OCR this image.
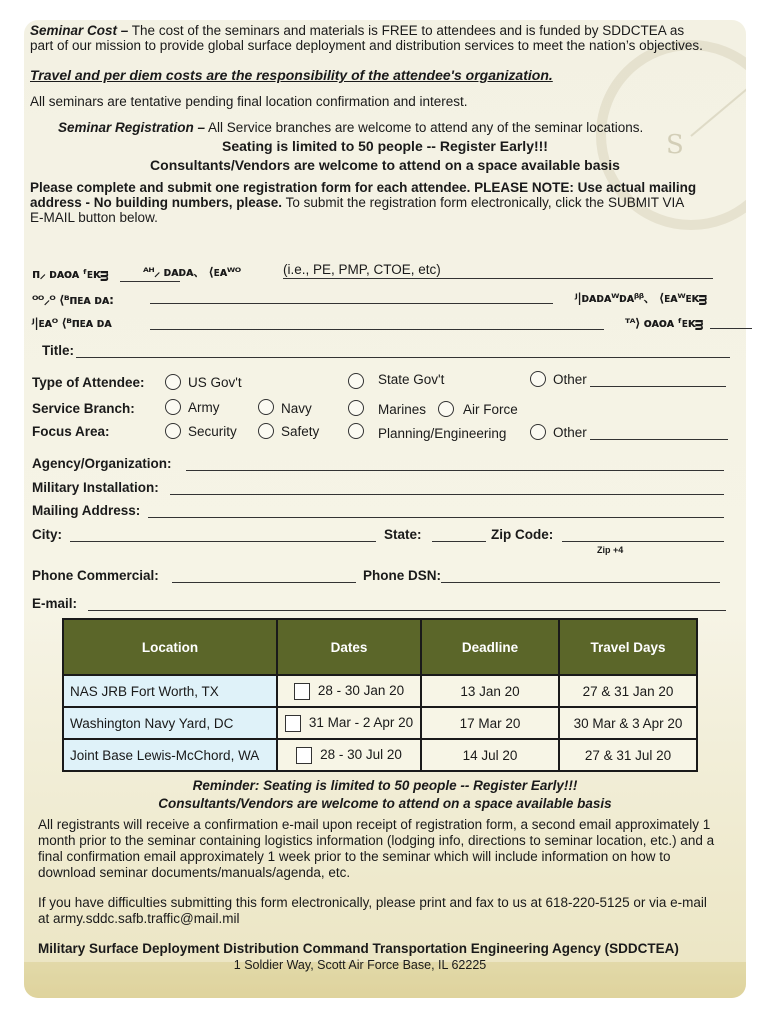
S
Seminar Cost – The cost of the seminars and materials is FREE to attendees and is funded by SDDCTEA as
part of our mission to provide global surface deployment and distribution services to meet the nation’s objectives.
Travel and per diem costs are the responsibility of the attendee's organization.
All seminars are tentative pending final location confirmation and interest.
Seminar Registration – All Service branches are welcome to attend any of the seminar locations.
Seating is limited to 50 people -- Register Early!!!
Consultants/Vendors are welcome to attend on a space available basis
Please complete and submit one registration form for each attendee. PLEASE NOTE: Use actual mailing
address - No building numbers, please. To submit the registration form electronically, click the SUBMIT VIA
E-MAIL button below.
ᴨ⸝ ᴅᴀᴏᴀ ᶠᴇᴋᴟ	ᴬᴴ⸝ ᴅᴀᴅᴀ、 ⟨ᴇᴀᵂᴼ	(i.e., PE, PMP, CTOE, etc)
ᴼᴼ⸝ᴼ ⟨ᴮᴨᴇᴀ ᴅᴀ:	ᴶ|ᴅᴀᴅᴀᵂᴅᴀᵝᵝ、 ⟨ᴇᴀᵂᴇᴋᴟ
ᴶ|ᴇᴀᴼ ⟨ᴮᴨᴇᴀ ᴅᴀ	ᵀᴬ⟩ ᴏᴀᴏᴀ ᶠᴇᴋᴟ
Title:
Type of Attendee:	US Gov't	State Gov't	Other
Service Branch:	Army	Navy	Marines	Air Force
Focus Area:	Security	Safety	Planning/Engineering	Other
Agency/Organization:
Military Installation:
Mailing Address:
City:	State:	Zip Code:
Zip +4
Phone Commercial:	Phone DSN:
E-mail:
Location	Dates	Deadline	Travel Days
NAS JRB Fort Worth, TX	28 - 30 Jan 20	13 Jan 20	27 & 31 Jan 20
Washington Navy Yard, DC	31 Mar - 2 Apr 20	17 Mar 20	30 Mar & 3 Apr 20
Joint Base Lewis-McChord, WA	28 - 30 Jul 20	14 Jul 20	27 & 31 Jul 20
Reminder: Seating is limited to 50 people -- Register Early!!!
Consultants/Vendors are welcome to attend on a space available basis
All registrants will receive a confirmation e-mail upon receipt of registration form, a second email approximately 1
month prior to the seminar containing logistics information (lodging info, directions to seminar location, etc.) and a
final confirmation email approximately 1 week prior to the seminar which will include information on how to
download seminar documents/manuals/agenda, etc.
If you have difficulties submitting this form electronically, please print and fax to us at 618-220-5125 or via e-mail
at army.sddc.safb.traffic@mail.mil
Military Surface Deployment Distribution Command Transportation Engineering Agency (SDDCTEA)
1 Soldier Way, Scott Air Force Base, IL 62225
